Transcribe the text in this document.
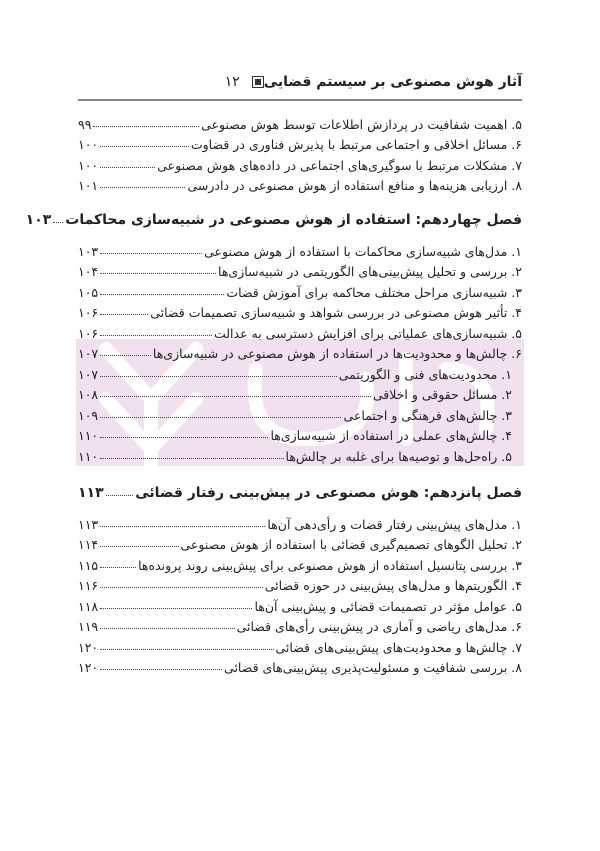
آثار هوش مصنوعی بر سیستم قضایی
۱۲
۵. اهمیت شفافیت در پردازش اطلاعات توسط هوش مصنوعی
۹۹
۶. مسائل اخلاقی و اجتماعی مرتبط با پذیرش فناوری در قضاوت
۱۰۰
۷. مشکلات مرتبط با سوگیری‌های اجتماعی در داده‌های هوش مصنوعی
۱۰۰
۸. ارزیابی هزینه‌ها و منافع استفاده از هوش مصنوعی در دادرسی
۱۰۱
فصل چهاردهم: استفاده از هوش مصنوعی در شبیه‌سازی محاکمات
۱۰۳
۱. مدل‌های شبیه‌سازی محاکمات با استفاده از هوش مصنوعی
۱۰۳
۲. بررسی و تحلیل پیش‌بینی‌های الگوریتمی در شبیه‌سازی‌ها
۱۰۴
۳. شبیه‌سازی مراحل مختلف محاکمه برای آموزش قضات
۱۰۵
۴. تأثیر هوش مصنوعی در بررسی شواهد و شبیه‌سازی تصمیمات قضائی
۱۰۶
۵. شبیه‌سازی‌های عملیاتی برای افزایش دسترسی به عدالت
۱۰۶
۶. چالش‌ها و محدودیت‌ها در استفاده از هوش مصنوعی در شبیه‌سازی‌ها
۱۰۷
۱. محدودیت‌های فنی و الگوریتمی
۱۰۷
۲. مسائل حقوقی و اخلاقی
۱۰۸
۳. چالش‌های فرهنگی و اجتماعی
۱۰۹
۴. چالش‌های عملی در استفاده از شبیه‌سازی‌ها
۱۱۰
۵. راه‌حل‌ها و توصیه‌ها برای غلبه بر چالش‌ها
۱۱۰
فصل پانزدهم: هوش مصنوعی در پیش‌بینی رفتار قضائی
۱۱۳
۱. مدل‌های پیش‌بینی رفتار قضات و رأی‌دهی آن‌ها
۱۱۳
۲. تحلیل الگوهای تصمیم‌گیری قضائی با استفاده از هوش مصنوعی
۱۱۴
۳. بررسی پتانسیل استفاده از هوش مصنوعی برای پیش‌بینی روند پرونده‌ها
۱۱۵
۴. الگوریتم‌ها و مدل‌های پیش‌بینی در حوزه قضائی
۱۱۶
۵. عوامل مؤثر در تصمیمات قضائی و پیش‌بینی آن‌ها
۱۱۸
۶. مدل‌های ریاضی و آماری در پیش‌بینی رأی‌های قضائی
۱۱۹
۷. چالش‌ها و محدودیت‌های پیش‌بینی‌های قضائی
۱۲۰
۸. بررسی شفافیت و مسئولیت‌پذیری پیش‌بینی‌های قضائی
۱۲۰
